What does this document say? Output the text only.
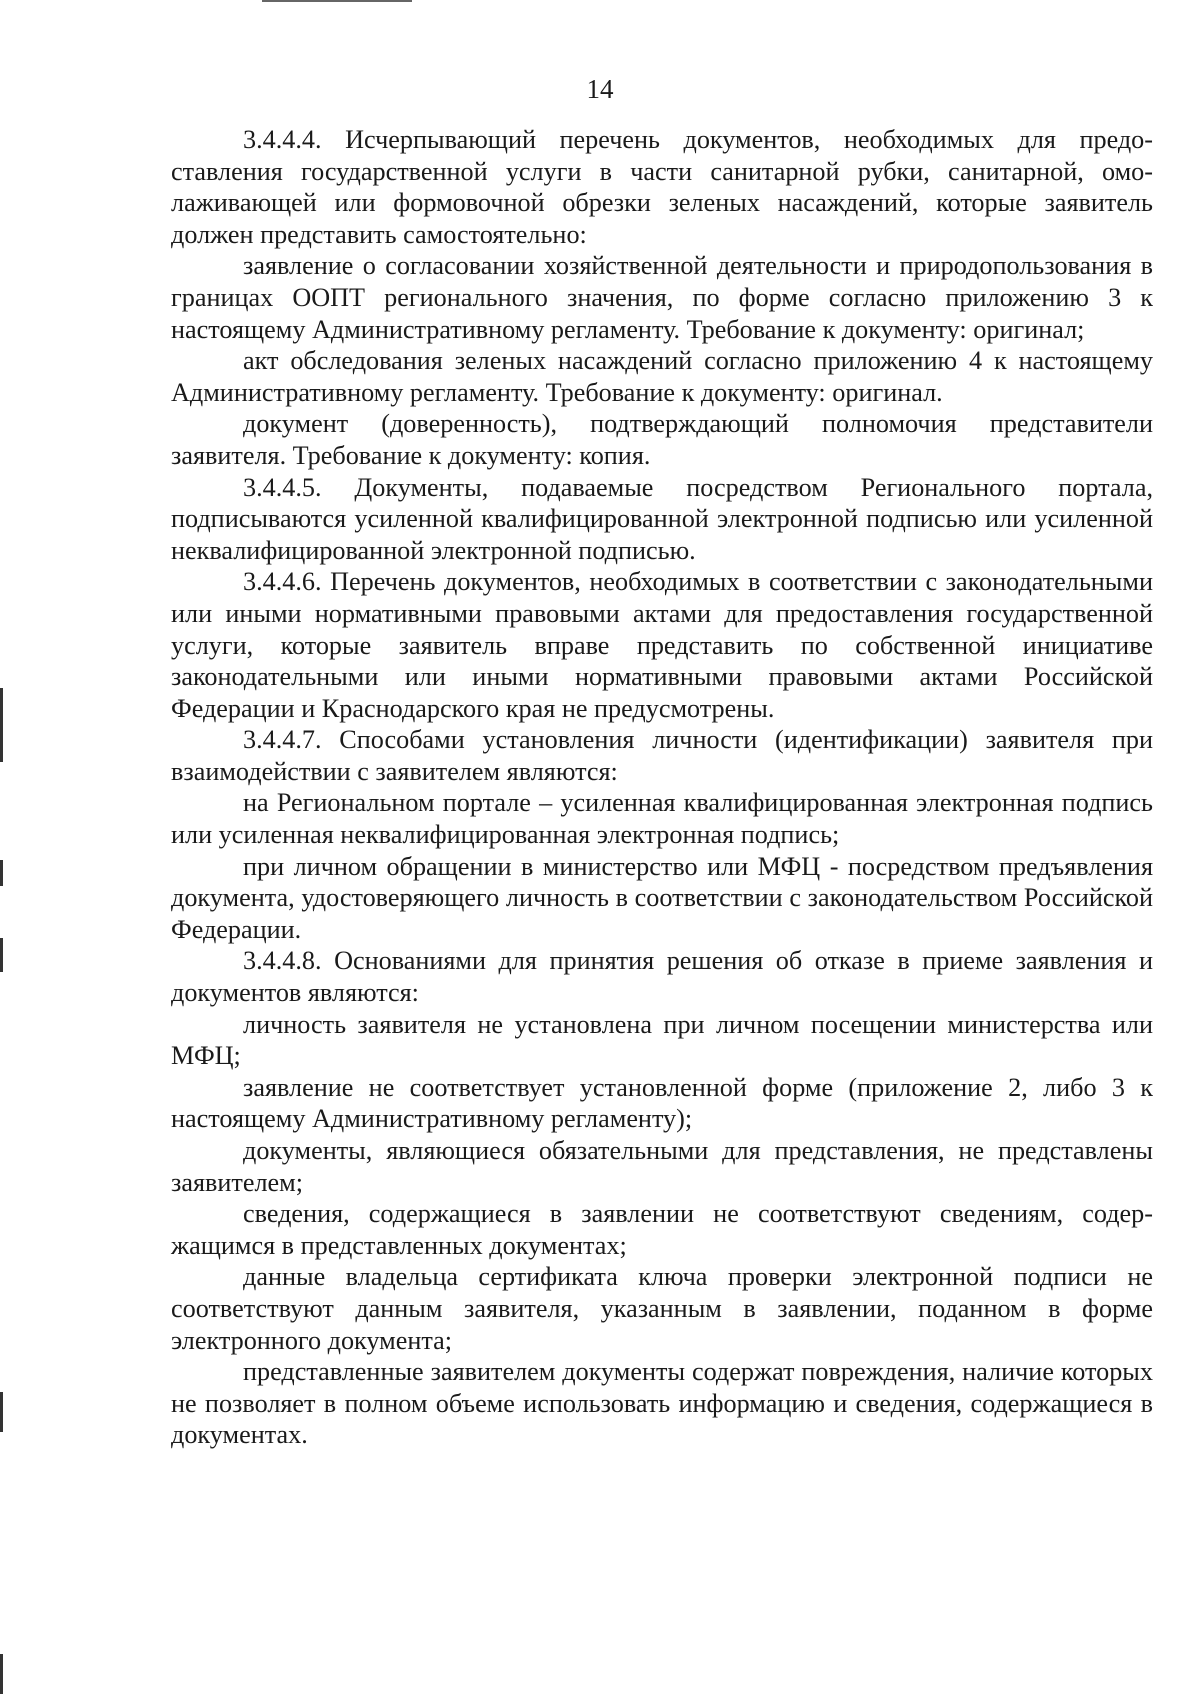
14

3.4.4.4. Исчерпывающий перечень документов, необходимых для предоставления государственной услуги в части санитарной рубки, санитарной, омолаживающей или формовочной обрезки зеленых насаждений, которые заявитель должен представить самостоятельно:

заявление о согласовании хозяйственной деятельности и природопользования в границах ООПТ регионального значения, по форме согласно приложению 3 к настоящему Административному регламенту. Требование к документу: оригинал;

акт обследования зеленых насаждений согласно приложению 4 к настоящему Административному регламенту. Требование к документу: оригинал.

документ (доверенность), подтверждающий полномочия представители заявителя. Требование к документу: копия.

3.4.4.5. Документы, подаваемые посредством Регионального портала, подписываются усиленной квалифицированной электронной подписью или усиленной неквалифицированной электронной подписью.

3.4.4.6. Перечень документов, необходимых в соответствии с законодательными или иными нормативными правовыми актами для предоставления государственной услуги, которые заявитель вправе представить по собственной инициативе законодательными или иными нормативными правовыми актами Российской Федерации и Краснодарского края не предусмотрены.

3.4.4.7. Способами установления личности (идентификации) заявителя при взаимодействии с заявителем являются:

на Региональном портале – усиленная квалифицированная электронная подпись или усиленная неквалифицированная электронная подпись;

при личном обращении в министерство или МФЦ - посредством предъявления документа, удостоверяющего личность в соответствии с законодательством Российской Федерации.

3.4.4.8. Основаниями для принятия решения об отказе в приеме заявления и документов являются:

личность заявителя не установлена при личном посещении министерства или МФЦ;

заявление не соответствует установленной форме (приложение 2, либо 3 к настоящему Административному регламенту);

документы, являющиеся обязательными для представления, не представлены заявителем;

сведения, содержащиеся в заявлении не соответствуют сведениям, содержащимся в представленных документах;

данные владельца сертификата ключа проверки электронной подписи не соответствуют данным заявителя, указанным в заявлении, поданном в форме электронного документа;

представленные заявителем документы содержат повреждения, наличие которых не позволяет в полном объеме использовать информацию и сведения, содержащиеся в документах.
